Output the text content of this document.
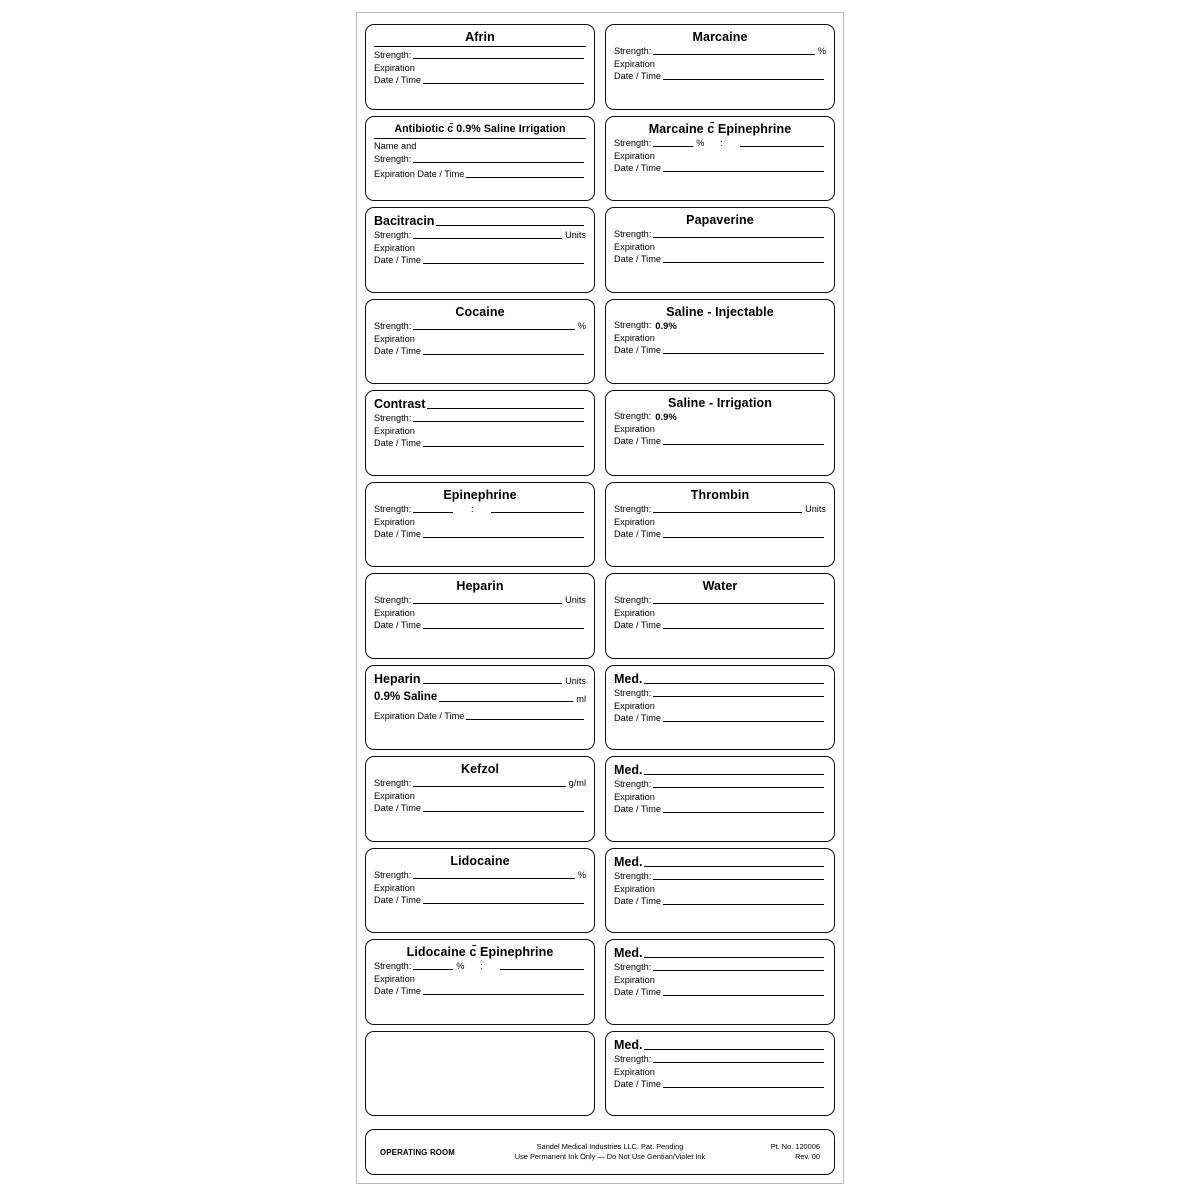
Afrin
Strength:
Expiration
Date / Time
Marcaine
Strength:	%
Expiration
Date / Time
Antibiotic c̄ 0.9% Saline Irrigation
Name and
Strength:
Expiration Date / Time
Marcaine c̄ Epinephrine
Strength:	%	:
Expiration
Date / Time
Bacitracin
Strength:	Units
Expiration
Date / Time
Papaverine
Strength:
Expiration
Date / Time
Cocaine
Strength:	%
Expiration
Date / Time
Saline - Injectable
Strength: 0.9%
Expiration
Date / Time
Contrast
Strength:
Expiration
Date / Time
Saline - Irrigation
Strength: 0.9%
Expiration
Date / Time
Epinephrine
Strength:	:
Expiration
Date / Time
Thrombin
Strength:	Units
Expiration
Date / Time
Heparin
Strength:	Units
Expiration
Date / Time
Water
Strength:
Expiration
Date / Time
Heparin	Units
0.9% Saline	ml
Expiration Date / Time
Med.
Strength:
Expiration
Date / Time
Kefzol
Strength:	g/ml
Expiration
Date / Time
Med.
Strength:
Expiration
Date / Time
Lidocaine
Strength:	%
Expiration
Date / Time
Med.
Strength:
Expiration
Date / Time
Lidocaine c̄ Epinephrine
Strength:	%	:
Expiration
Date / Time
Med.
Strength:
Expiration
Date / Time
Med.
Strength:
Expiration
Date / Time
OPERATING ROOM
Sandel Medical Industries LLC. Pat. Pending
Use Permanent Ink Only — Do Not Use Gentian/Violet Ink
Pt. No. 120006
Rev. 00
